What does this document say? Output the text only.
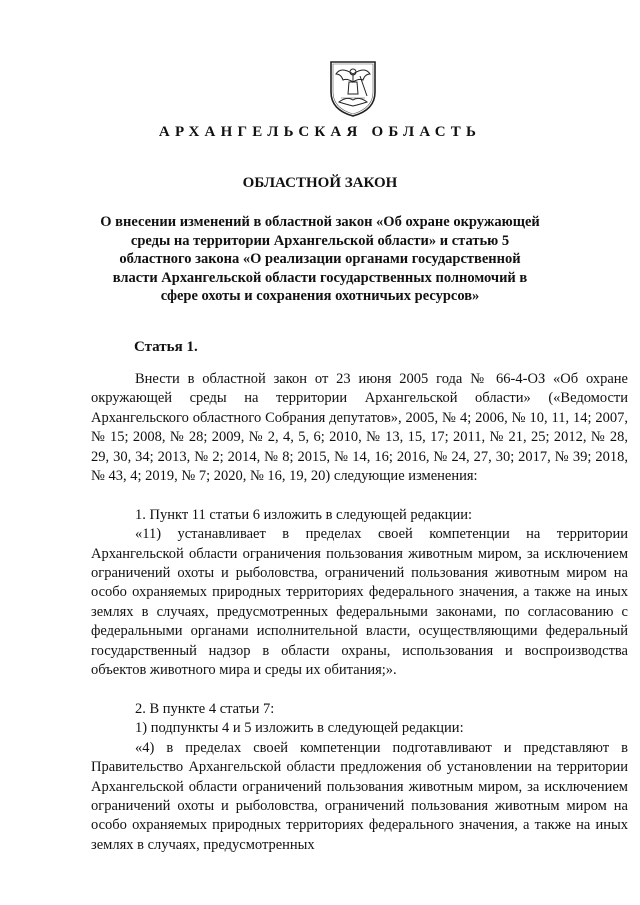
АРХАНГЕЛЬСКАЯ ОБЛАСТЬ
ОБЛАСТНОЙ ЗАКОН

О внесении изменений в областной закон «Об охране окружающей среды на территории Архангельской области» и статью 5 областного закона «О реализации органами государственной власти Архангельской области государственных полномочий в сфере охоты и сохранения охотничьих ресурсов»

Статья 1.

Внести в областной закон от 23 июня 2005 года № 66-4-ОЗ «Об охране окружающей среды на территории Архангельской области» («Ведомости Архангельского областного Собрания депутатов», 2005, № 4; 2006, № 10, 11, 14; 2007, № 15; 2008, № 28; 2009, № 2, 4, 5, 6; 2010, № 13, 15, 17; 2011, № 21, 25; 2012, № 28, 29, 30, 34; 2013, № 2; 2014, № 8; 2015, № 14, 16; 2016, № 24, 27, 30; 2017, № 39; 2018, № 43, 4; 2019, № 7; 2020, № 16, 19, 20) следующие изменения:

1. Пункт 11 статьи 6 изложить в следующей редакции:

«11) устанавливает в пределах своей компетенции на территории Архангельской области ограничения пользования животным миром, за исключением ограничений охоты и рыболовства, ограничений пользования животным миром на особо охраняемых природных территориях федерального значения, а также на иных землях в случаях, предусмотренных федеральными законами, по согласованию с федеральными органами исполнительной власти, осуществляющими федеральный государственный надзор в области охраны, использования и воспроизводства объектов животного мира и среды их обитания;».

2. В пункте 4 статьи 7:

1) подпункты 4 и 5 изложить в следующей редакции:

«4) в пределах своей компетенции подготавливают и представляют в Правительство Архангельской области предложения об установлении на территории Архангельской области ограничений пользования животным миром, за исключением ограничений охоты и рыболовства, ограничений пользования животным миром на особо охраняемых природных территориях федерального значения, а также на иных землях в случаях, предусмотренных
